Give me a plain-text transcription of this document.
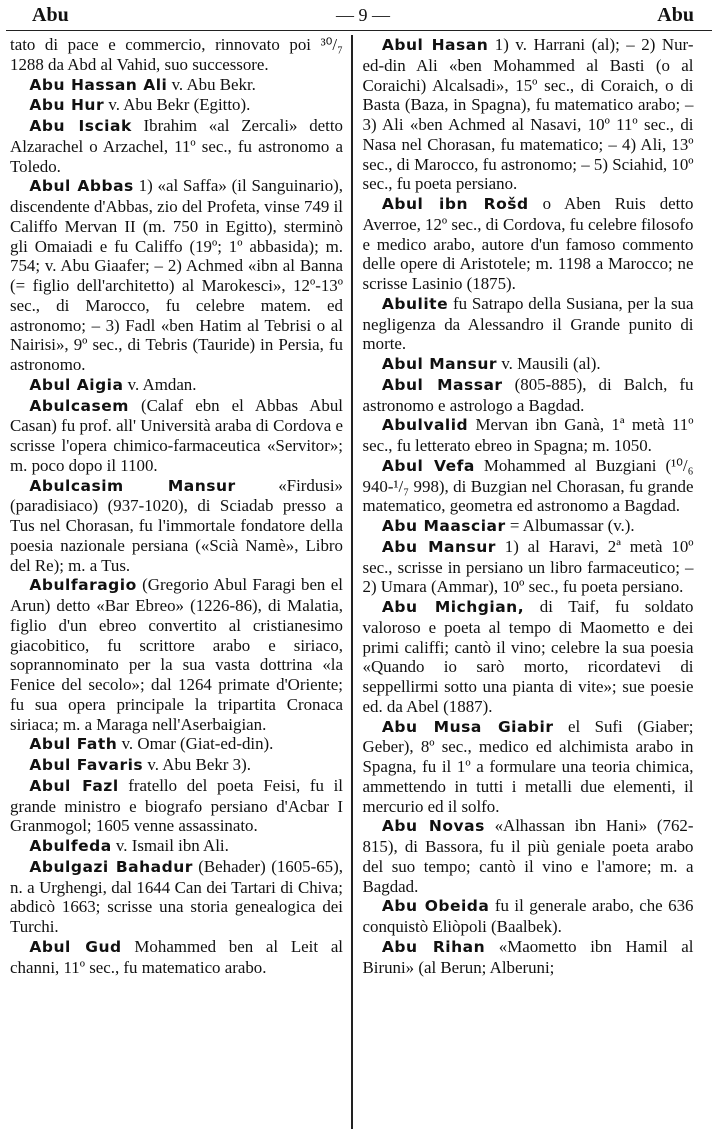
Abu	— 9 —	Abu

tato di pace e commercio, rinnovato poi ³⁰/₇ 1288 da Abd al Vahid, suo successore.

Abu Hassan Ali v. Abu Bekr.

Abu Hur v. Abu Bekr (Egitto).

Abu Isciak Ibrahim «al Zercali» detto Alzarachel o Arzachel, 11º sec., fu astronomo a Toledo.

Abul Abbas 1) «al Saffa» (il Sanguinario), discendente d'Abbas, zio del Profeta, vinse 749 il Califfo Mervan II (m. 750 in Egitto), sterminò gli Omaiadi e fu Califfo (19º; 1º abbasida); m. 754; v. Abu Giaafer; – 2) Achmed «ibn al Banna (= figlio dell'architetto) al Marokesci», 12º-13º sec., di Marocco, fu celebre matem. ed astronomo; – 3) Fadl «ben Hatim al Tebrisi o al Nairisi», 9º sec., di Tebris (Tauride) in Persia, fu astronomo.

Abul Aigia v. Amdan.

Abulcasem (Calaf ebn el Abbas Abul Casan) fu prof. all' Università araba di Cordova e scrisse l'opera chimico-farmaceutica «Servitor»; m. poco dopo il 1100.

Abulcasim Mansur	«Firdusi» (paradisiaco) (937-1020), di Sciadab presso a Tus nel Chorasan, fu l'immortale fondatore della poesia nazionale persiana («Scià Namè», Libro del Re); m. a Tus.

Abulfaragio (Gregorio Abul Faragi ben el Arun) detto «Bar Ebreo» (1226-86), di Malatia, figlio d'un ebreo convertito al cristianesimo giacobitico, fu scrittore arabo e siriaco, soprannominato per la sua vasta dottrina «la Fenice del secolo»; dal 1264 primate d'Oriente; fu sua opera principale la tripartita Cronaca siriaca; m. a Maraga nell'Aserbaigian.

Abul Fath v. Omar (Giat-ed-din).

Abul Favaris v. Abu Bekr 3).

Abul Fazl fratello del poeta Feisi, fu il grande ministro e biografo persiano d'Acbar I Granmogol; 1605 venne assassinato.

Abulfeda v. Ismail ibn Ali.

Abulgazi Bahadur (Behader) (1605-65), n. a Urghengi, dal 1644 Can dei Tartari di Chiva; abdicò 1663; scrisse una storia genealogica dei Turchi.

Abul Gud Mohammed ben al Leit al channi, 11º sec., fu matematico arabo.

Abul Hasan 1) v. Harrani (al); – 2) Nur-ed-din Ali «ben Mohammed al Basti (o al Coraichi) Alcalsadi», 15º sec., di Coraich, o di Basta (Baza, in Spagna), fu matematico arabo; – 3) Ali «ben Achmed al Nasavi, 10º 11º sec., di Nasa nel Chorasan, fu matematico; – 4) Ali, 13º sec., di Marocco, fu astronomo; – 5) Sciahid, 10º sec., fu poeta persiano.

Abul ibn Rošd o Aben Ruis detto Averroe, 12º sec., di Cordova, fu celebre filosofo e medico arabo, autore d'un famoso commento delle opere di Aristotele; m. 1198 a Marocco; ne scrisse Lasinio (1875).

Abulite fu Satrapo della Susiana, per la sua negligenza da Alessandro il Grande punito di morte.

Abul Mansur v. Mausili (al).

Abul Massar (805-885), di Balch, fu astronomo e astrologo a Bagdad.

Abulvalid Mervan ibn Ganà, 1ª metà 11º sec., fu letterato ebreo in Spagna; m. 1050.

Abul Vefa Mohammed al Buzgiani (¹⁰/₆ 940-¹/₇ 998), di Buzgian nel Chorasan, fu grande matematico, geometra ed astronomo a Bagdad.

Abu Maasciar = Albumassar (v.).

Abu Mansur 1) al Haravi, 2ª metà 10º sec., scrisse in persiano un libro farmaceutico; – 2) Umara (Ammar), 10º sec., fu poeta persiano.

Abu Michgian, di Taif, fu soldato valoroso e poeta al tempo di Maometto e dei primi califfi; cantò il vino; celebre la sua poesia «Quando io sarò morto, ricordatevi di seppellirmi sotto una pianta di vite»; sue poesie ed. da Abel (1887).

Abu Musa Giabir el Sufi (Giaber; Geber), 8º sec., medico ed alchimista arabo in Spagna, fu il 1º a formulare una teoria chimica, ammettendo in tutti i metalli due elementi, il mercurio ed il solfo.

Abu Novas «Alhassan ibn Hani» (762-815), di Bassora, fu il più geniale poeta arabo del suo tempo; cantò il vino e l'amore; m. a Bagdad.

Abu Obeida fu il generale arabo, che 636 conquistò Eliòpoli (Baalbek).

Abu Rihan «Maometto ibn Hamil al Biruni» (al Berun; Alberuni;
